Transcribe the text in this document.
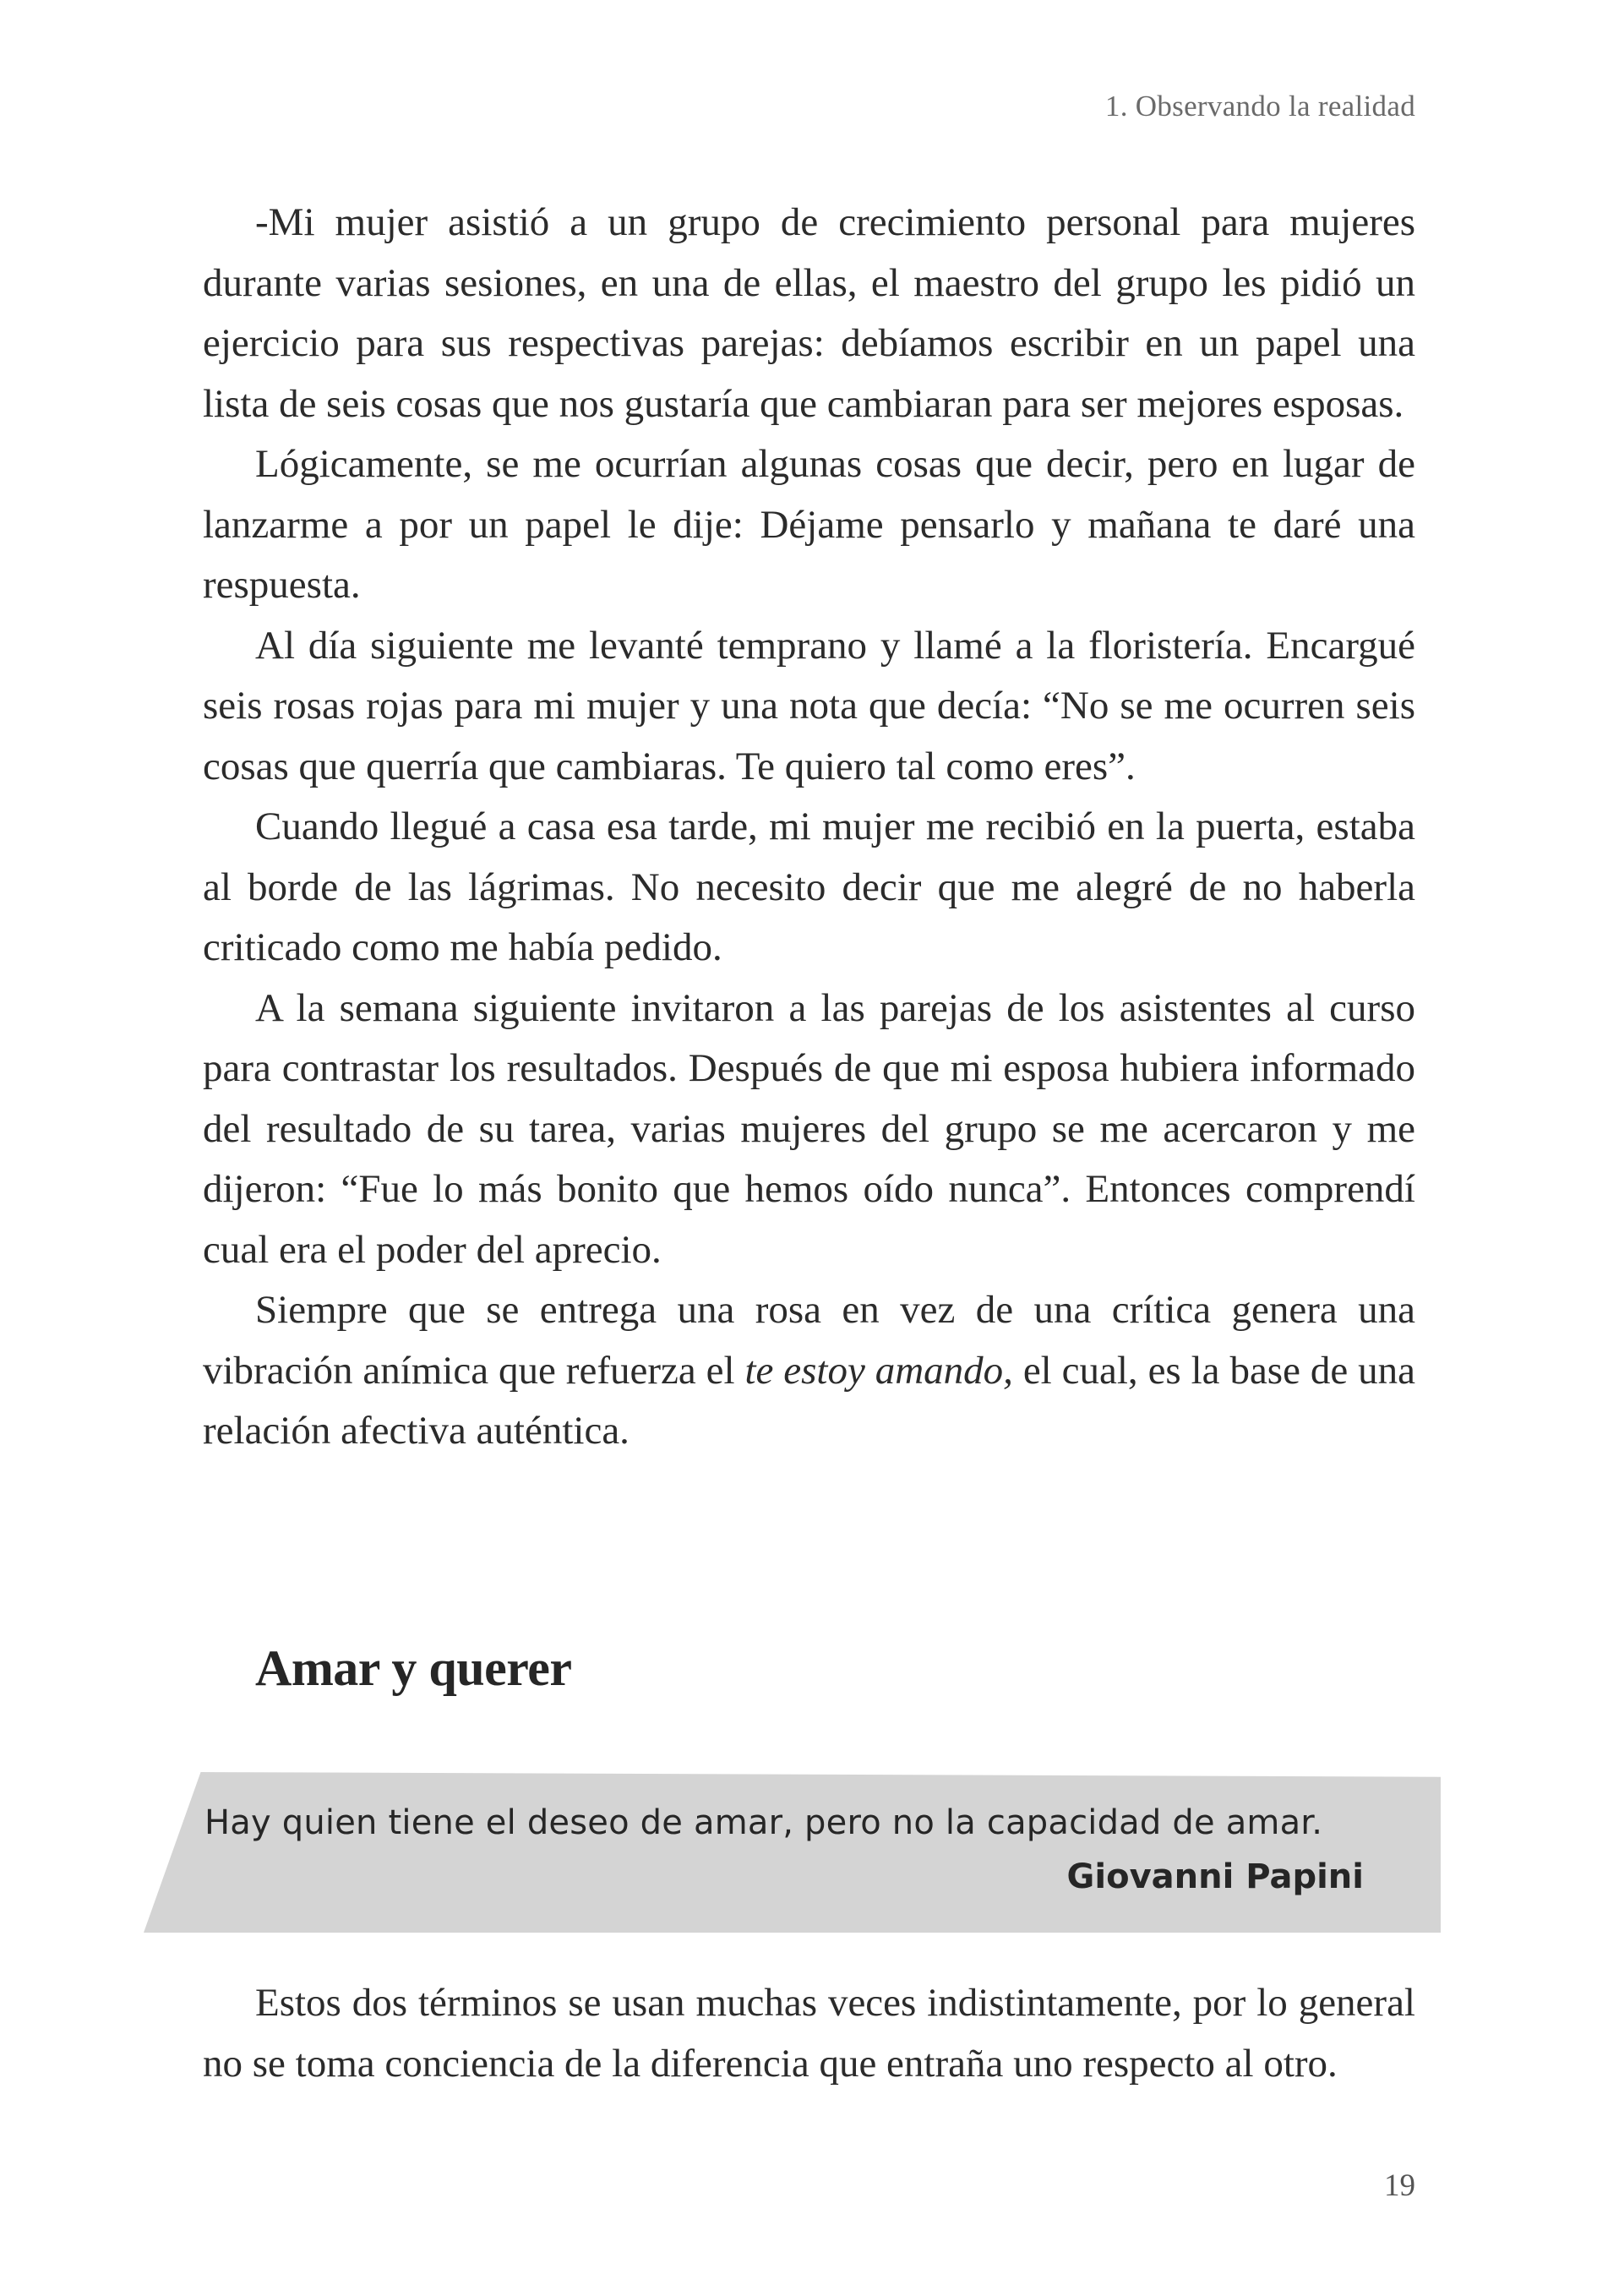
1. Observando la realidad

-Mi mujer asistió a un grupo de crecimiento personal para mujeres durante varias sesiones, en una de ellas, el maestro del grupo les pidió un ejercicio para sus respectivas parejas: debíamos escribir en un papel una lista de seis cosas que nos gustaría que cambiaran para ser mejores esposas.

Lógicamente, se me ocurrían algunas cosas que decir, pero en lugar de lanzarme a por un papel le dije: Déjame pensarlo y mañana te daré una respuesta.

Al día siguiente me levanté temprano y llamé a la floristería. Encargué seis rosas rojas para mi mujer y una nota que decía: “No se me ocurren seis cosas que querría que cambiaras. Te quiero tal como eres”.

Cuando llegué a casa esa tarde, mi mujer me recibió en la puerta, estaba al borde de las lágrimas. No necesito decir que me alegré de no haberla criticado como me había pedido.

A la semana siguiente invitaron a las parejas de los asistentes al curso para contrastar los resultados. Después de que mi esposa hubiera informado del resultado de su tarea, varias mujeres del grupo se me acercaron y me dijeron: “Fue lo más bonito que hemos oído nunca”. Entonces comprendí cual era el poder del aprecio.

Siempre que se entrega una rosa en vez de una crítica genera una vibración anímica que refuerza el te estoy amando, el cual, es la base de una relación afectiva auténtica.

Amar y querer
Hay quien tiene el deseo de amar, pero no la capacidad de amar.
Giovanni Papini

Estos dos términos se usan muchas veces indistintamente, por lo general no se toma conciencia de la diferencia que entraña uno respecto al otro.

19
